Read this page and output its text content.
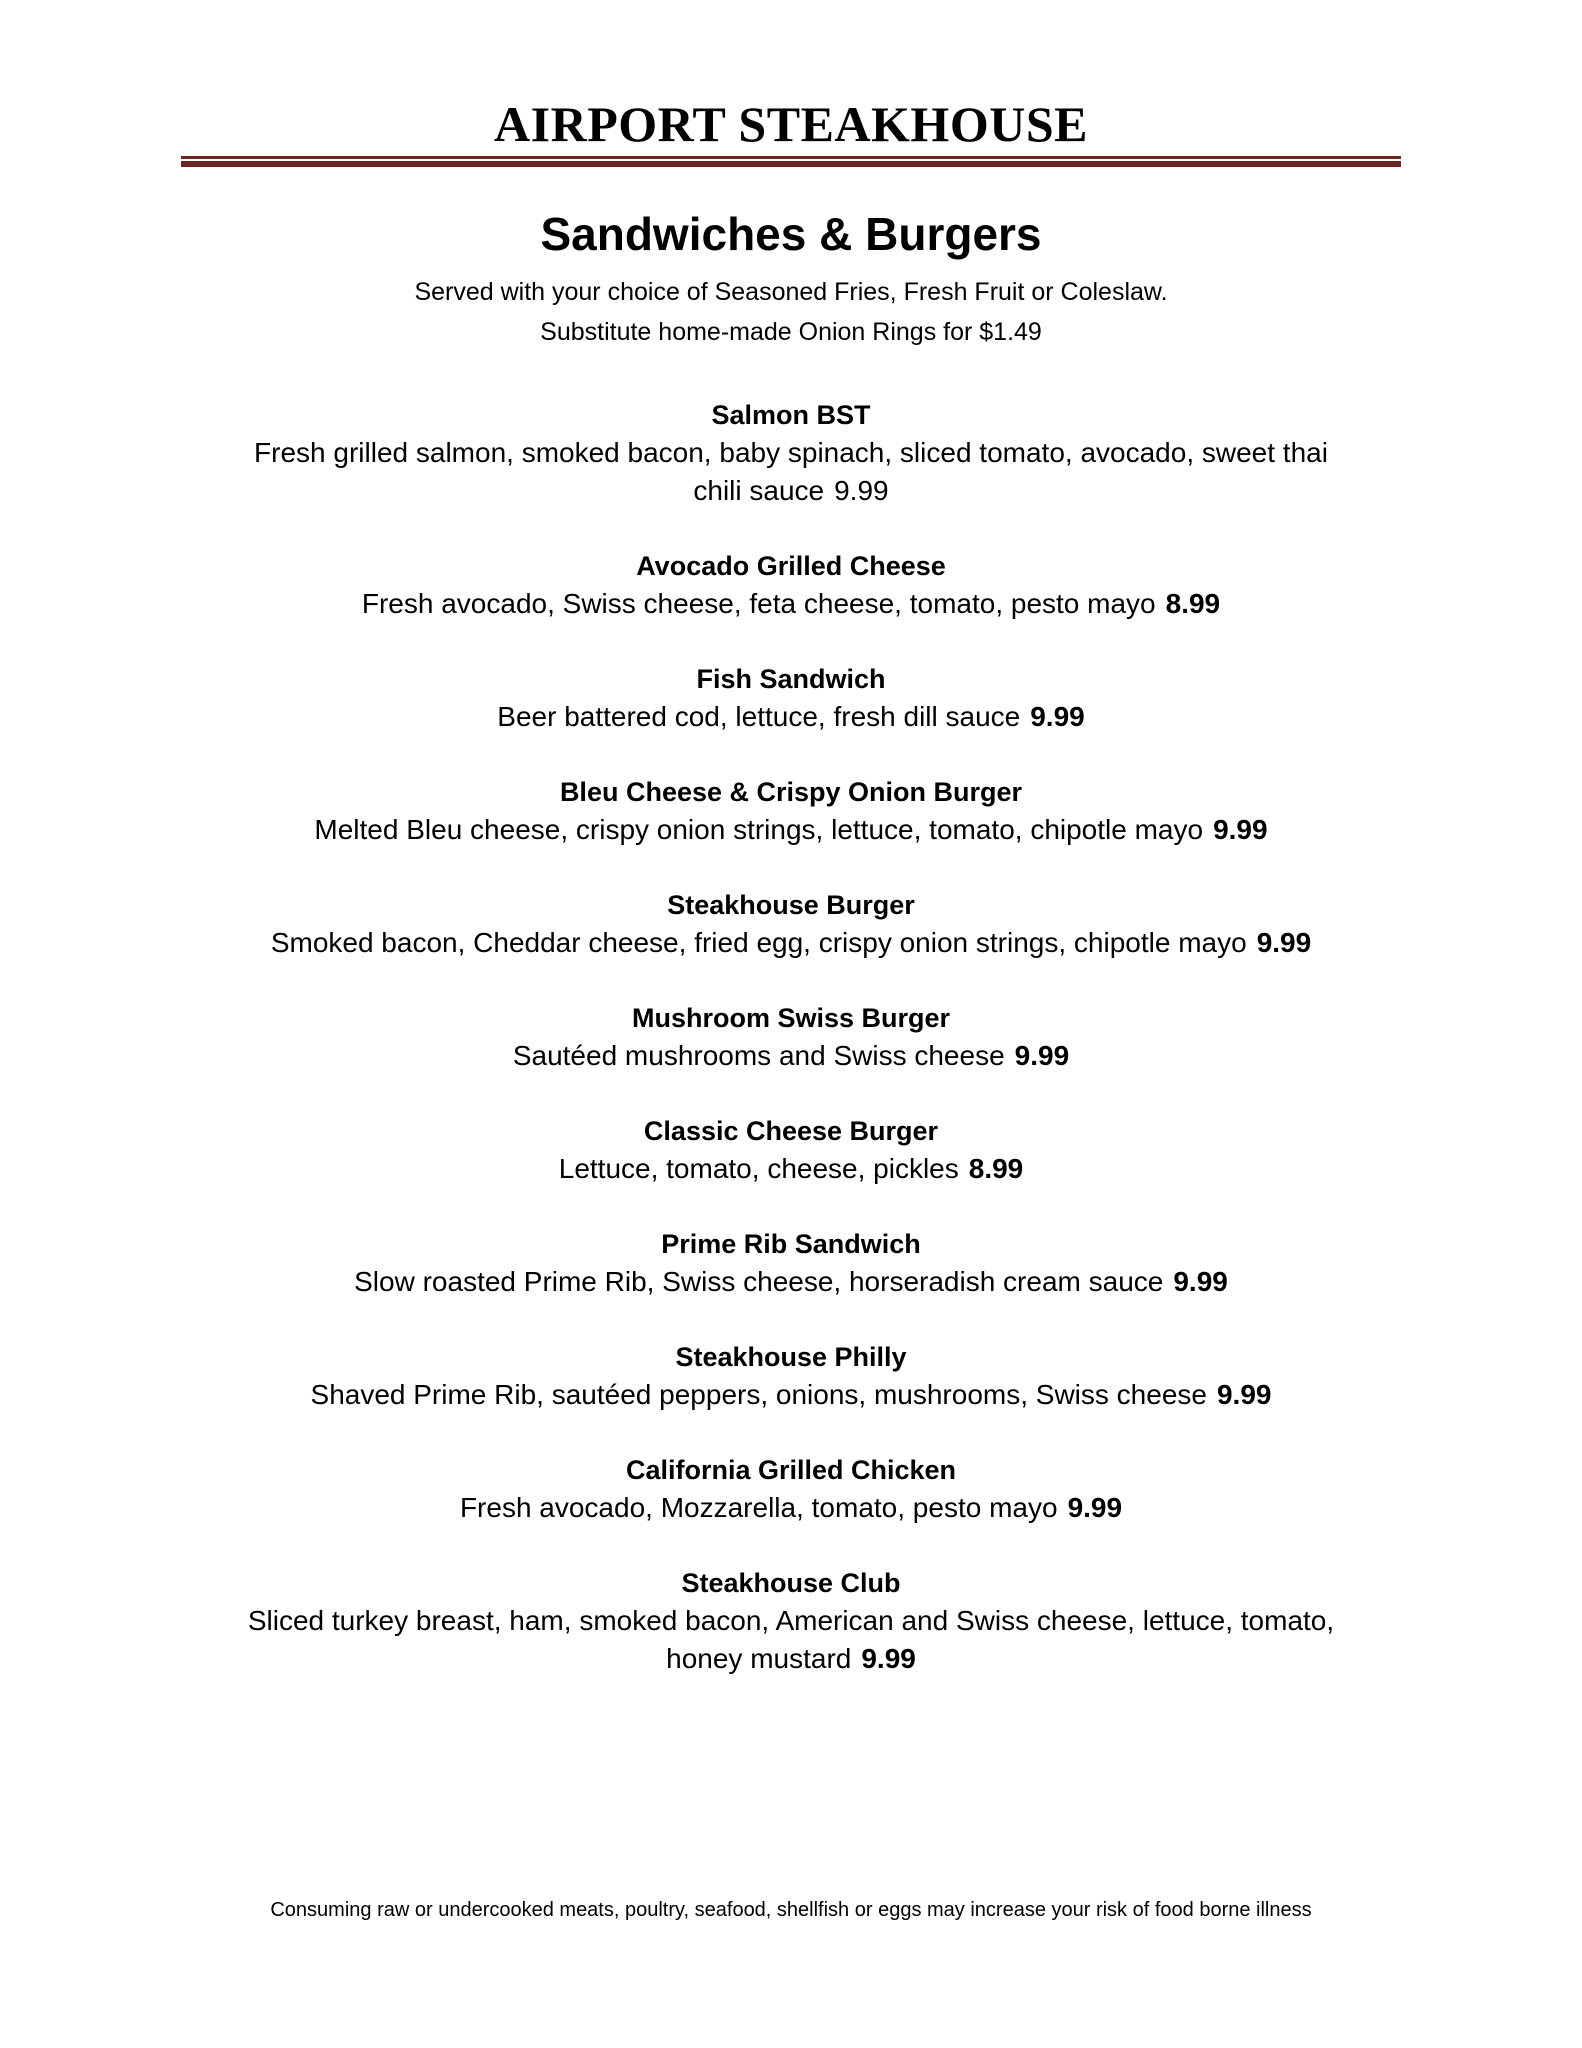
AIRPORT STEAKHOUSE
Sandwiches & Burgers
Served with your choice of Seasoned Fries, Fresh Fruit or Coleslaw.
Substitute home-made Onion Rings for $1.49
Salmon BST
Fresh grilled salmon, smoked bacon, baby spinach, sliced tomato, avocado, sweet thai chili sauce 9.99
Avocado Grilled Cheese
Fresh avocado, Swiss cheese, feta cheese, tomato, pesto mayo 8.99
Fish Sandwich
Beer battered cod, lettuce, fresh dill sauce 9.99
Bleu Cheese & Crispy Onion Burger
Melted Bleu cheese, crispy onion strings, lettuce, tomato, chipotle mayo 9.99
Steakhouse Burger
Smoked bacon, Cheddar cheese, fried egg, crispy onion strings, chipotle mayo 9.99
Mushroom Swiss Burger
Sautéed mushrooms and Swiss cheese 9.99
Classic Cheese Burger
Lettuce, tomato, cheese, pickles 8.99
Prime Rib Sandwich
Slow roasted Prime Rib, Swiss cheese, horseradish cream sauce 9.99
Steakhouse Philly
Shaved Prime Rib, sautéed peppers, onions, mushrooms, Swiss cheese 9.99
California Grilled Chicken
Fresh avocado, Mozzarella, tomato, pesto mayo 9.99
Steakhouse Club
Sliced turkey breast, ham, smoked bacon, American and Swiss cheese, lettuce, tomato, honey mustard 9.99
Consuming raw or undercooked meats, poultry, seafood, shellfish or eggs may increase your risk of food borne illness
